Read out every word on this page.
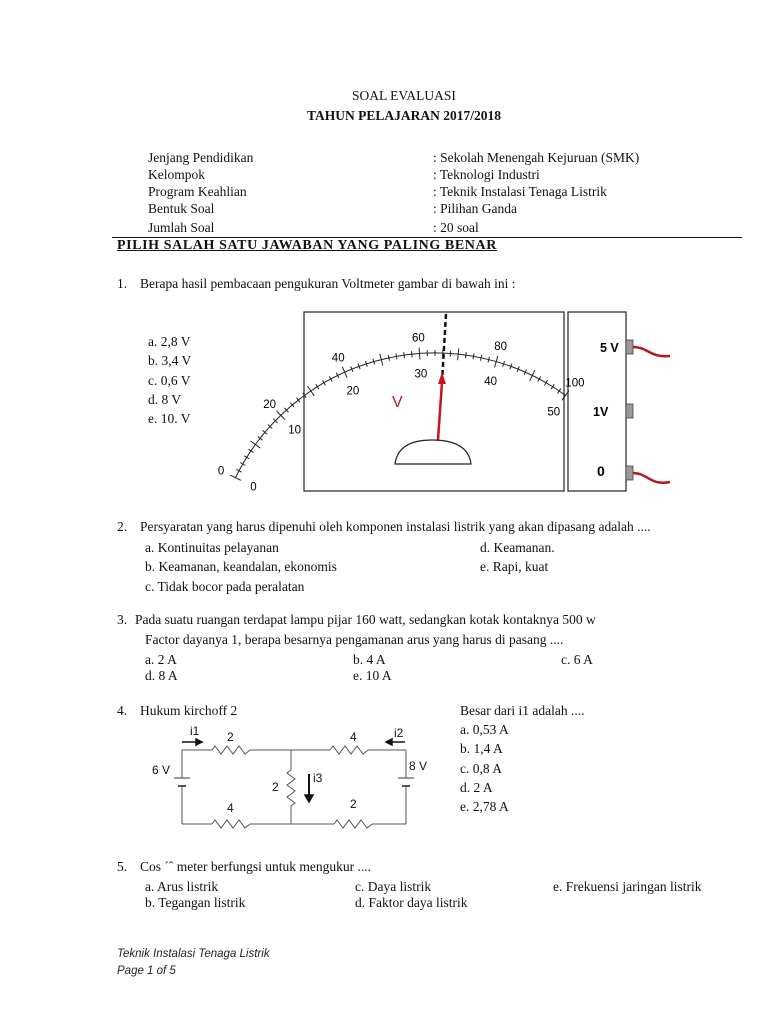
SOAL EVALUASI
TAHUN PELAJARAN 2017/2018
Jenjang Pendidikan	: Sekolah Menengah Kejuruan (SMK)
Kelompok	: Teknologi Industri
Program Keahlian	: Teknik Instalasi Tenaga Listrik
Bentuk Soal	: Pilihan Ganda
Jumlah Soal	: 20 soal
PILIH SALAH SATU JAWABAN YANG PALING BENAR
1. Berapa hasil pembacaan pengukuran Voltmeter gambar di bawah ini :
a. 2,8 V
b. 3,4 V
c. 0,6 V
d. 8 V
e. 10. V
0
20
40
60
80
100
0
10
20
30
40
50
V
5 V
1V
0
2. Persyaratan yang harus dipenuhi oleh komponen instalasi listrik yang akan dipasang adalah ....
a. Kontinuitas pelayanan
b. Keamanan, keandalan, ekonomis
c. Tidak bocor pada peralatan
d. Keamanan.
e. Rapi, kuat
3. Pada suatu ruangan terdapat lampu pijar 160 watt, sedangkan kotak kontaknya 500 w
Factor dayanya 1, berapa besarnya pengamanan arus yang harus di pasang ....
a. 2 A	b. 4 A	c. 6 A
d. 8 A	e. 10 A
4. Hukum kirchoff 2	Besar dari i1 adalah ....
a. 0,53 A
b. 1,4 A
c. 0,8 A
d. 2 A
e. 2,78 A
i1	i2
i3
2	4
2
4	2
6 V	8 V
5. Cos ´ˆ meter berfungsi untuk mengukur ....
a. Arus listrik
b. Tegangan listrik
c. Daya listrik
d. Faktor daya listrik
e. Frekuensi jaringan listrik
Teknik Instalasi Tenaga Listrik
Page 1 of 5
